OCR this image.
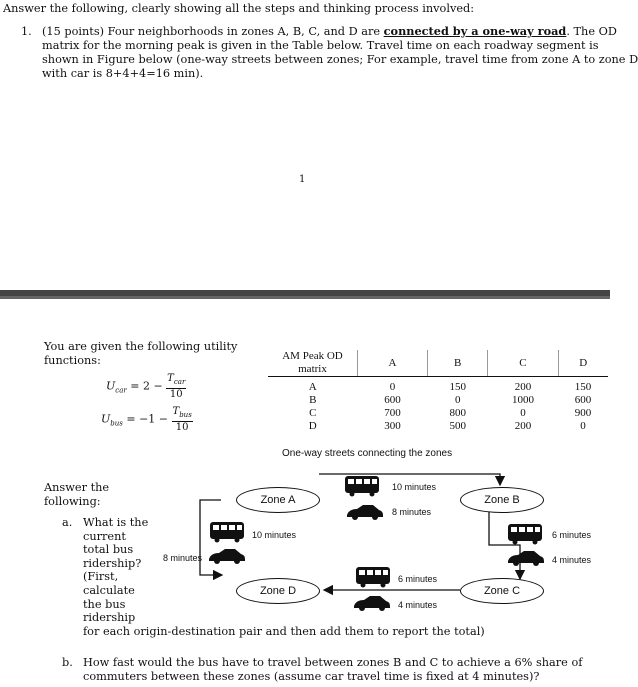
Answer the following, clearly showing all the steps and thinking process involved:
1. (15 points) Four neighborhoods in zones A, B, C, and D are connected by a one-way road. The OD
matrix for the morning peak is given in the Table below. Travel time on each roadway segment is
shown in Figure below (one-way streets between zones; For example, travel time from zone A to zone D
with car is 8+4+4=16 min).
1
You are given the following utility
functions:
$U_{car} = 2 - \frac{T_{car}}{10}$
$U_{bus} = -1 - \frac{T_{bus}}{10}$
AM Peak OD
matrix	A	B	C	D
A	0	150	200	150
B	600	0	1000	600
C	700	800	0	900
D	300	500	200	0
One-way streets connecting the zones
Zone A	Zone B
Zone C
Zone D
10 minutes
8 minutes
10 minutes
8 minutes
6 minutes
4 minutes
6 minutes
4 minutes
Answer the
following:
a. What is the
current
total bus
ridership?
(First,
calculate
the bus
ridership
for each origin-destination pair and then add them to report the total)
b. How fast would the bus have to travel between zones B and C to achieve a 6% share of
commuters between these zones (assume car travel time is fixed at 4 minutes)?
